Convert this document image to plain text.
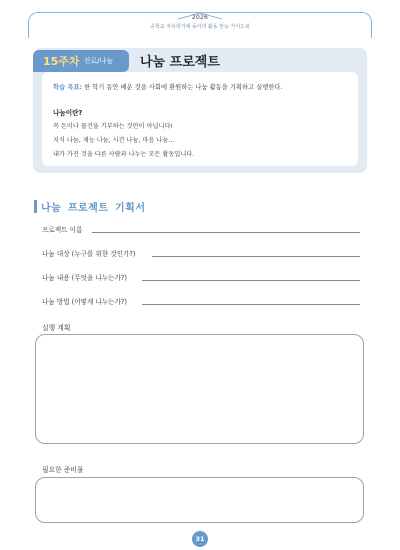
2026
중학교 자유학기에 동아리 활동 만능 가이드북
15주차 진로/나눔 나눔 프로젝트
학습 목표: 한 학기 동안 배운 것을 사회에 환원하는 나눔 활동을 기획하고 실행한다.
나눔이란?
꼭 돈이나 물건을 기부하는 것만이 아닙니다!
지식 나눔, 재능 나눔, 시간 나눔, 마음 나눔...
내가 가진 것을 다른 사람과 나누는 모든 활동입니다.
나눔 프로젝트 기획서
프로젝트 이름
나눔 대상 (누구를 위한 것인가?)
나눔 내용 (무엇을 나누는가?)
나눔 방법 (어떻게 나누는가?)
실행 계획
필요한 준비물
31
